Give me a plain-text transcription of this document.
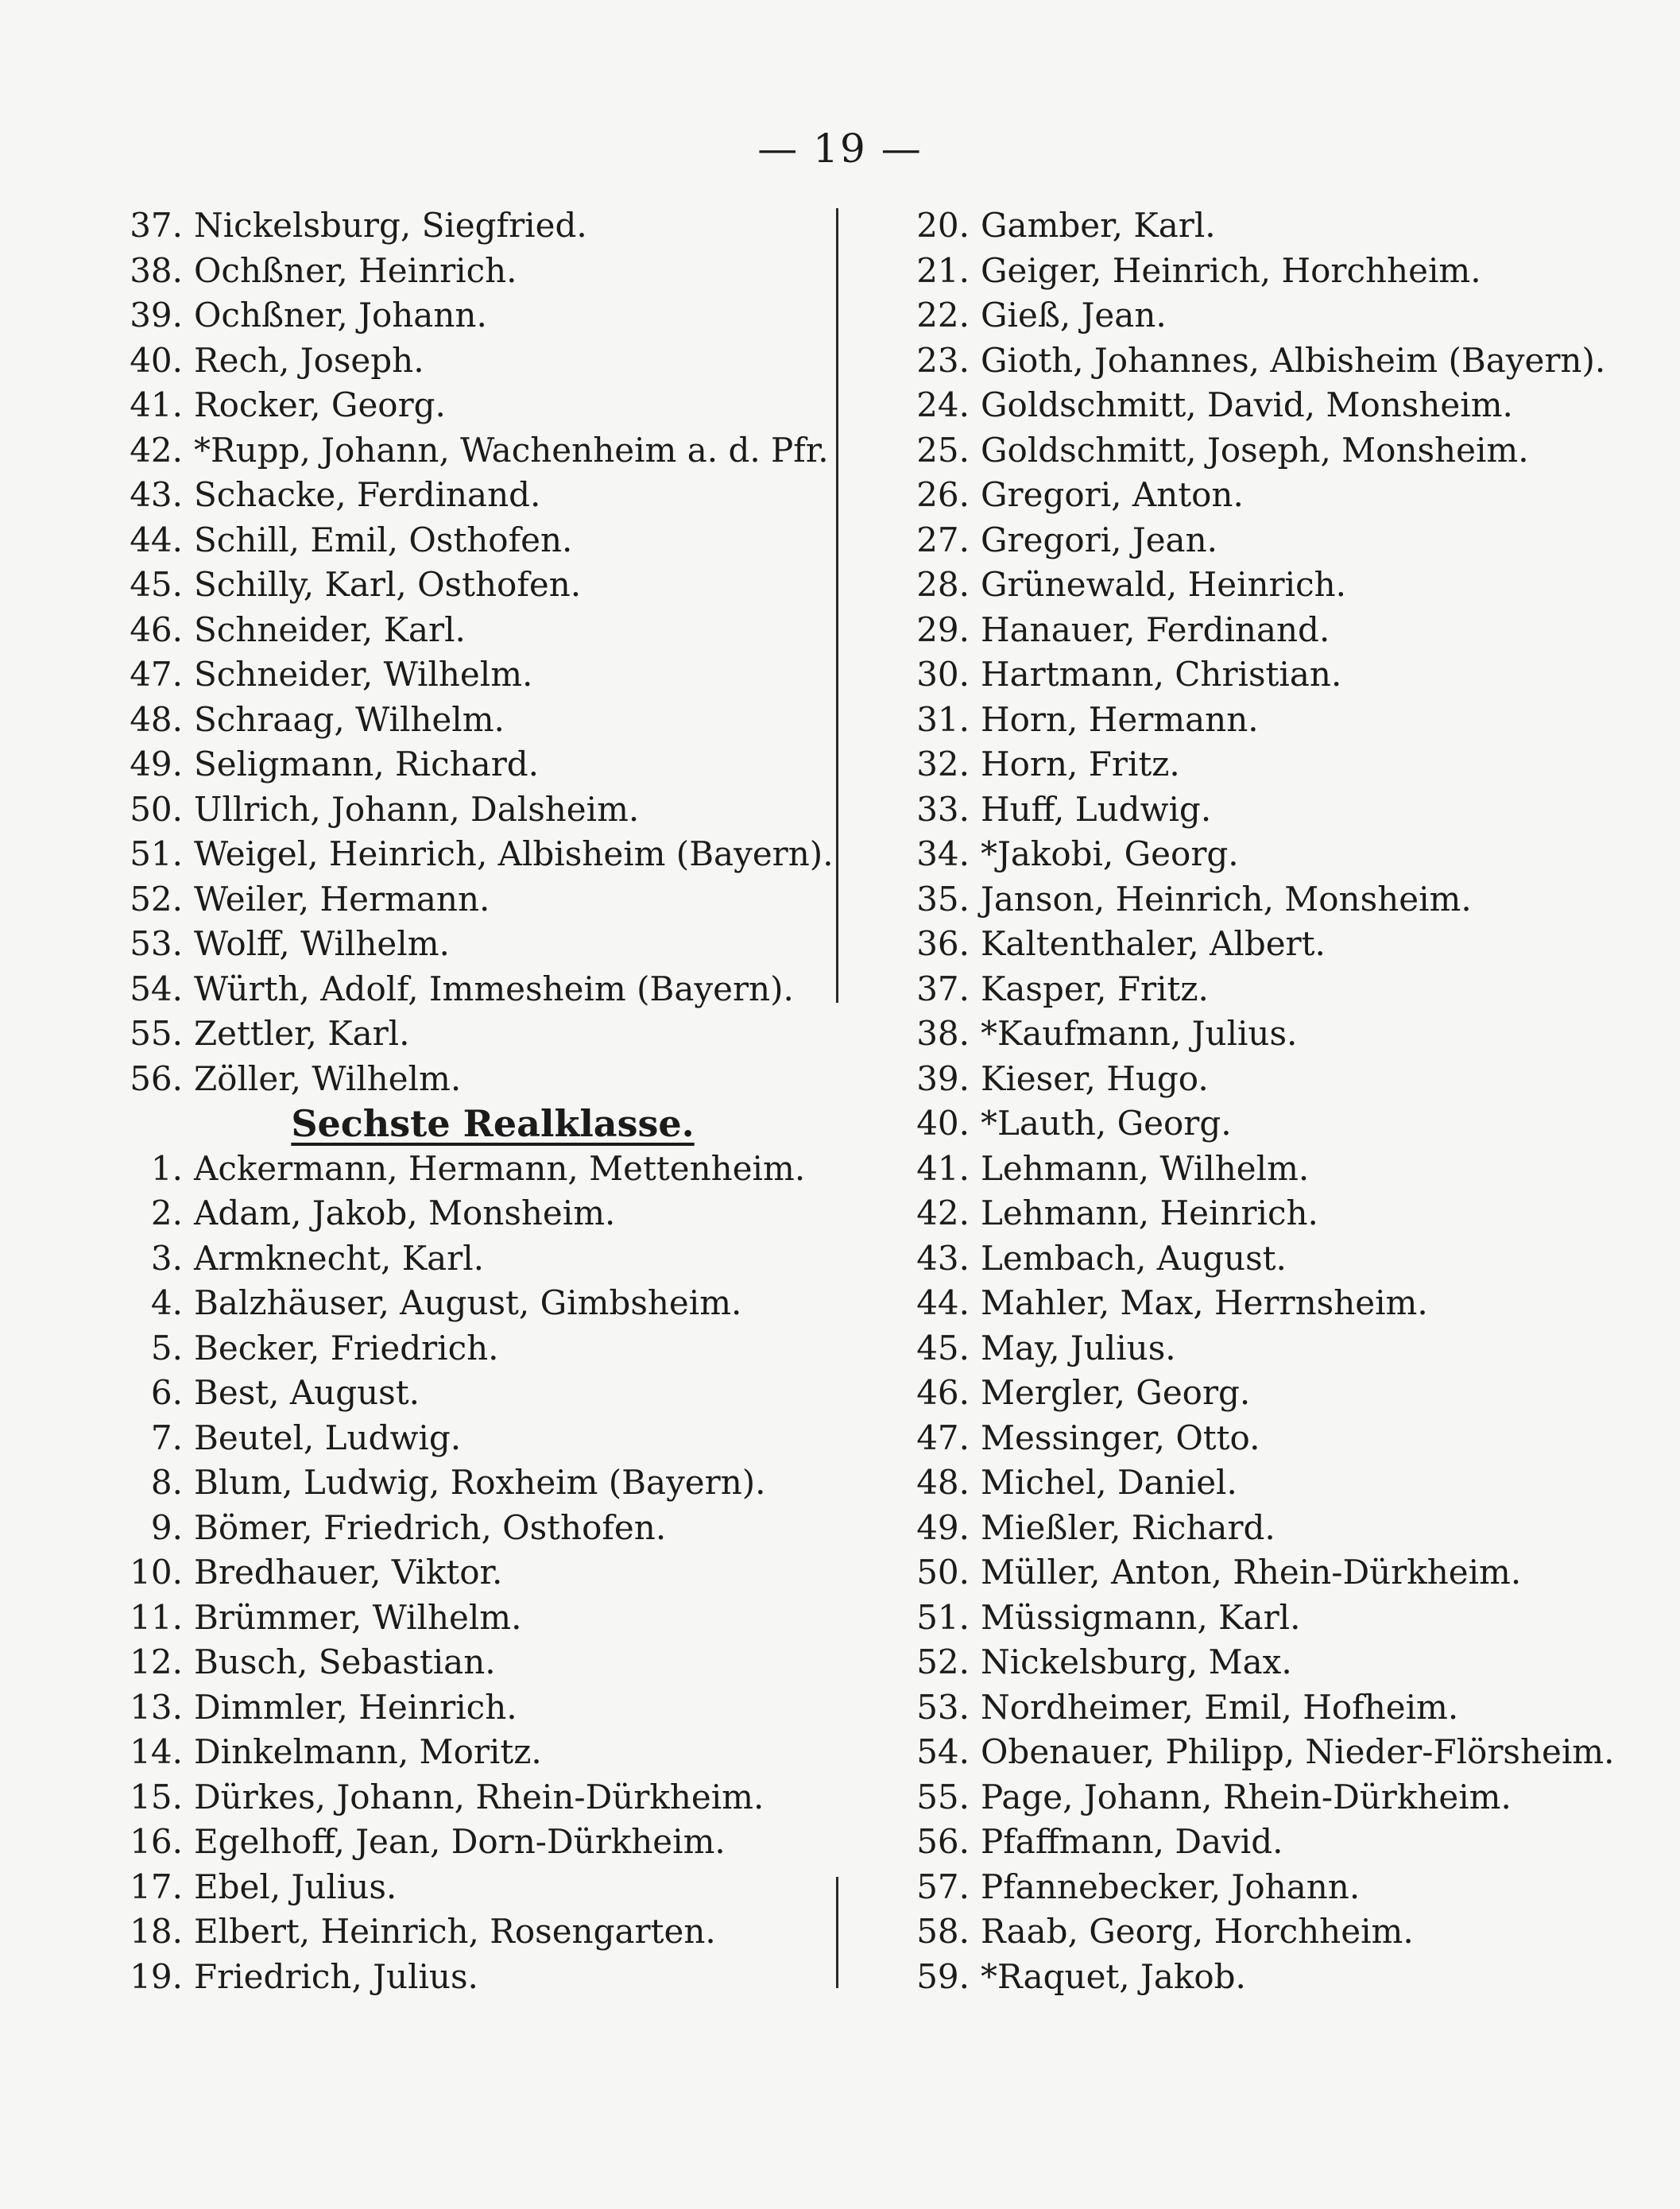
— 19 —
37. Nickelsburg, Siegfried.
38. Ochßner, Heinrich.
39. Ochßner, Johann.
40. Rech, Joseph.
41. Rocker, Georg.
42. *Rupp, Johann, Wachenheim a. d. Pfr.
43. Schacke, Ferdinand.
44. Schill, Emil, Osthofen.
45. Schilly, Karl, Osthofen.
46. Schneider, Karl.
47. Schneider, Wilhelm.
48. Schraag, Wilhelm.
49. Seligmann, Richard.
50. Ullrich, Johann, Dalsheim.
51. Weigel, Heinrich, Albisheim (Bayern).
52. Weiler, Hermann.
53. Wolff, Wilhelm.
54. Würth, Adolf, Immesheim (Bayern).
55. Zettler, Karl.
56. Zöller, Wilhelm.
Sechste Realklasse.
1. Ackermann, Hermann, Mettenheim.
2. Adam, Jakob, Monsheim.
3. Armknecht, Karl.
4. Balzhäuser, August, Gimbsheim.
5. Becker, Friedrich.
6. Best, August.
7. Beutel, Ludwig.
8. Blum, Ludwig, Roxheim (Bayern).
9. Bömer, Friedrich, Osthofen.
10. Bredhauer, Viktor.
11. Brümmer, Wilhelm.
12. Busch, Sebastian.
13. Dimmler, Heinrich.
14. Dinkelmann, Moritz.
15. Dürkes, Johann, Rhein-Dürkheim.
16. Egelhoff, Jean, Dorn-Dürkheim.
17. Ebel, Julius.
18. Elbert, Heinrich, Rosengarten.
19. Friedrich, Julius.
20. Gamber, Karl.
21. Geiger, Heinrich, Horchheim.
22. Gieß, Jean.
23. Gioth, Johannes, Albisheim (Bayern).
24. Goldschmitt, David, Monsheim.
25. Goldschmitt, Joseph, Monsheim.
26. Gregori, Anton.
27. Gregori, Jean.
28. Grünewald, Heinrich.
29. Hanauer, Ferdinand.
30. Hartmann, Christian.
31. Horn, Hermann.
32. Horn, Fritz.
33. Huff, Ludwig.
34. *Jakobi, Georg.
35. Janson, Heinrich, Monsheim.
36. Kaltenthaler, Albert.
37. Kasper, Fritz.
38. *Kaufmann, Julius.
39. Kieser, Hugo.
40. *Lauth, Georg.
41. Lehmann, Wilhelm.
42. Lehmann, Heinrich.
43. Lembach, August.
44. Mahler, Max, Herrnsheim.
45. May, Julius.
46. Mergler, Georg.
47. Messinger, Otto.
48. Michel, Daniel.
49. Mießler, Richard.
50. Müller, Anton, Rhein-Dürkheim.
51. Müssigmann, Karl.
52. Nickelsburg, Max.
53. Nordheimer, Emil, Hofheim.
54. Obenauer, Philipp, Nieder-Flörsheim.
55. Page, Johann, Rhein-Dürkheim.
56. Pfaffmann, David.
57. Pfannebecker, Johann.
58. Raab, Georg, Horchheim.
59. *Raquet, Jakob.
